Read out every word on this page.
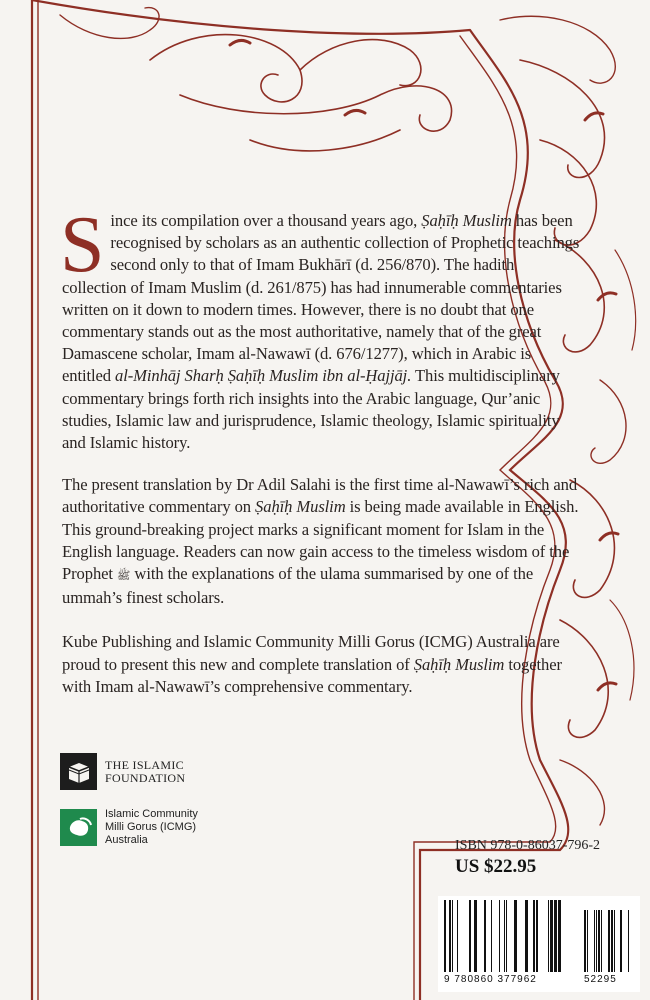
Since its compilation over a thousand years ago, Ṣaḥīḥ Muslim has been recognised by scholars as an authentic collection of Prophetic teachings second only to that of Imam Bukhārī (d. 256/870). The hadith collection of Imam Muslim (d. 261/875) has had innumerable commentaries written on it down to modern times. However, there is no doubt that one commentary stands out as the most authoritative, namely that of the great Damascene scholar, Imam al-Nawawī (d. 676/1277), which in Arabic is entitled al-Minhāj Sharḥ Ṣaḥīḥ Muslim ibn al-Ḥajjāj. This multidisciplinary commentary brings forth rich insights into the Arabic language, Qur’anic studies, Islamic law and jurisprudence, Islamic theology, Islamic spirituality and Islamic history.

The present translation by Dr Adil Salahi is the first time al-Nawawī’s rich and authoritative commentary on Ṣaḥīḥ Muslim is being made available in English. This ground-breaking project marks a significant moment for Islam in the English language. Readers can now gain access to the timeless wisdom of the Prophet ﷺ with the explanations of the ulama summarised by one of the ummah’s finest scholars.

Kube Publishing and Islamic Community Milli Gorus (ICMG) Australia are proud to present this new and complete translation of Ṣaḥīḥ Muslim together with Imam al-Nawawī’s comprehensive commentary.

THE ISLAMIC
FOUNDATION
Islamic Community
Milli Gorus (ICMG)
Australia	ISBN 978-0-86037-796-2
US $22.95
9 780860 377962	52295
